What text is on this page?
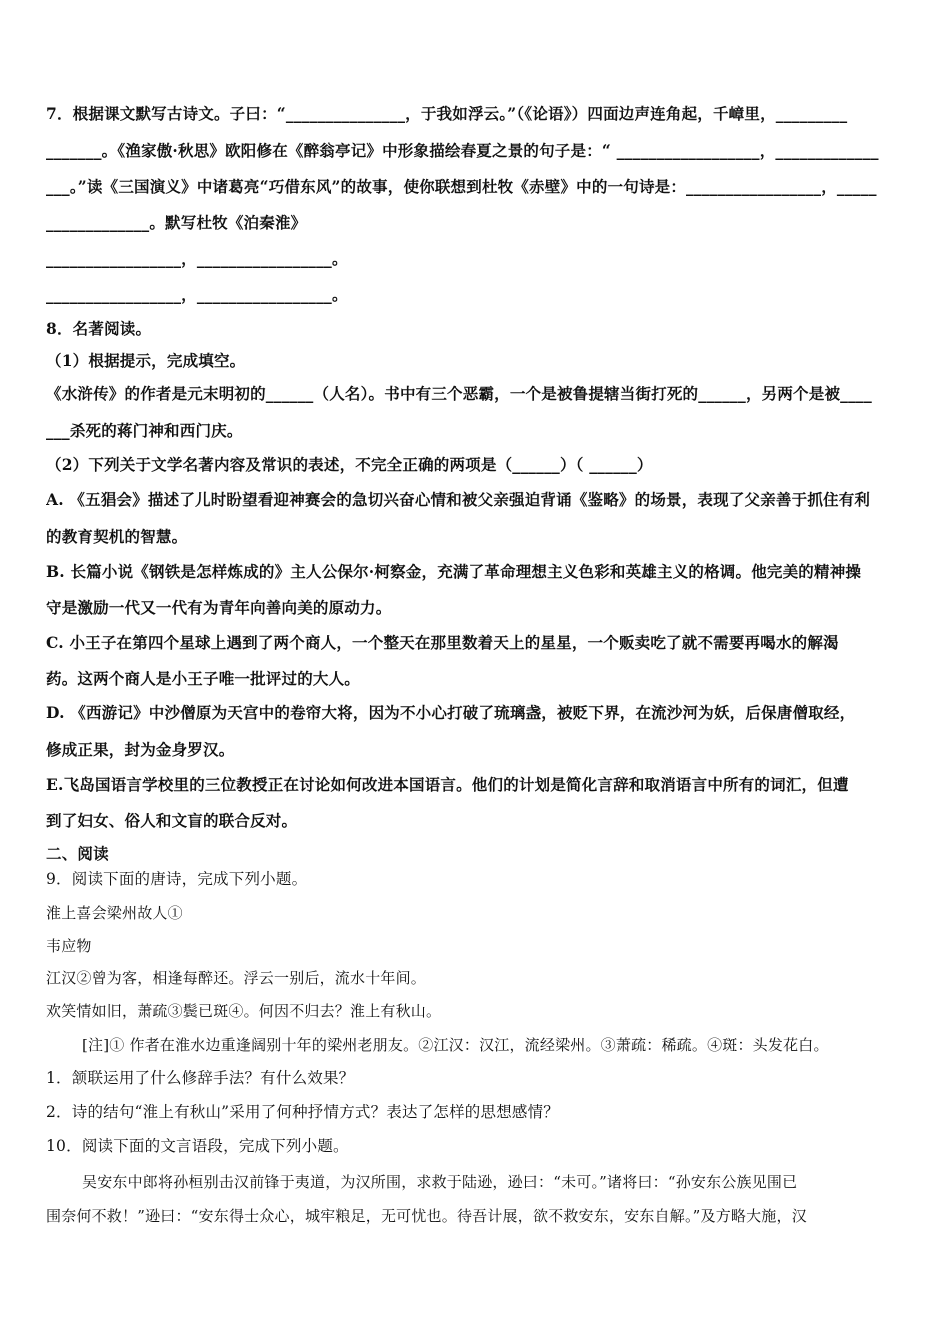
7．根据课文默写古诗文。子曰：“_______________，于我如浮云。”（《论语》）四面边声连角起，千嶂里，_________
_______。《渔家傲·秋思》欧阳修在《醉翁亭记》中形象描绘春夏之景的句子是：“ __________________，_____________
___。”读《三国演义》中诸葛亮“巧借东风”的故事，使你联想到杜牧《赤壁》中的一句诗是：_________________，_____
_____________。默写杜牧《泊秦淮》
_________________，_________________。
_________________，_________________。
8．名著阅读。
（1）根据提示，完成填空。
《水浒传》的作者是元末明初的______（人名）。书中有三个恶霸，一个是被鲁提辖当街打死的______，另两个是被____
___杀死的蒋门神和西门庆。
（2）下列关于文学名著内容及常识的表述，不完全正确的两项是（______）（ ______）
A. 《五猖会》描述了儿时盼望看迎神赛会的急切兴奋心情和被父亲强迫背诵《鉴略》的场景，表现了父亲善于抓住有利
的教育契机的智慧。
B. 长篇小说《钢铁是怎样炼成的》主人公保尔·柯察金，充满了革命理想主义色彩和英雄主义的格调。他完美的精神操
守是激励一代又一代有为青年向善向美的原动力。
C. 小王子在第四个星球上遇到了两个商人，一个整天在那里数着天上的星星，一个贩卖吃了就不需要再喝水的解渴
药。这两个商人是小王子唯一批评过的大人。
D. 《西游记》中沙僧原为天宫中的卷帘大将，因为不小心打破了琉璃盏，被贬下界，在流沙河为妖，后保唐僧取经，
修成正果，封为金身罗汉。
E.飞岛国语言学校里的三位教授正在讨论如何改进本国语言。他们的计划是简化言辞和取消语言中所有的词汇，但遭
到了妇女、俗人和文盲的联合反对。
二、阅读
9．阅读下面的唐诗，完成下列小题。
淮上喜会梁州故人①
韦应物
江汉②曾为客，相逢每醉还。浮云一别后，流水十年间。
欢笑情如旧，萧疏③鬓已斑④。何因不归去？淮上有秋山。
[注]① 作者在淮水边重逢阔别十年的梁州老朋友。②江汉：汉江，流经梁州。③萧疏：稀疏。④斑：头发花白。
1．颔联运用了什么修辞手法？有什么效果？
2．诗的结句“淮上有秋山”采用了何种抒情方式？表达了怎样的思想感情？
10．阅读下面的文言语段，完成下列小题。
吴安东中郎将孙桓别击汉前锋于夷道，为汉所围，求救于陆逊，逊曰：“未可。”诸将曰：“孙安东公族见围已
围奈何不救！”逊曰：“安东得士众心，城牢粮足，无可忧也。待吾计展，欲不救安东，安东自解。”及方略大施，汉
